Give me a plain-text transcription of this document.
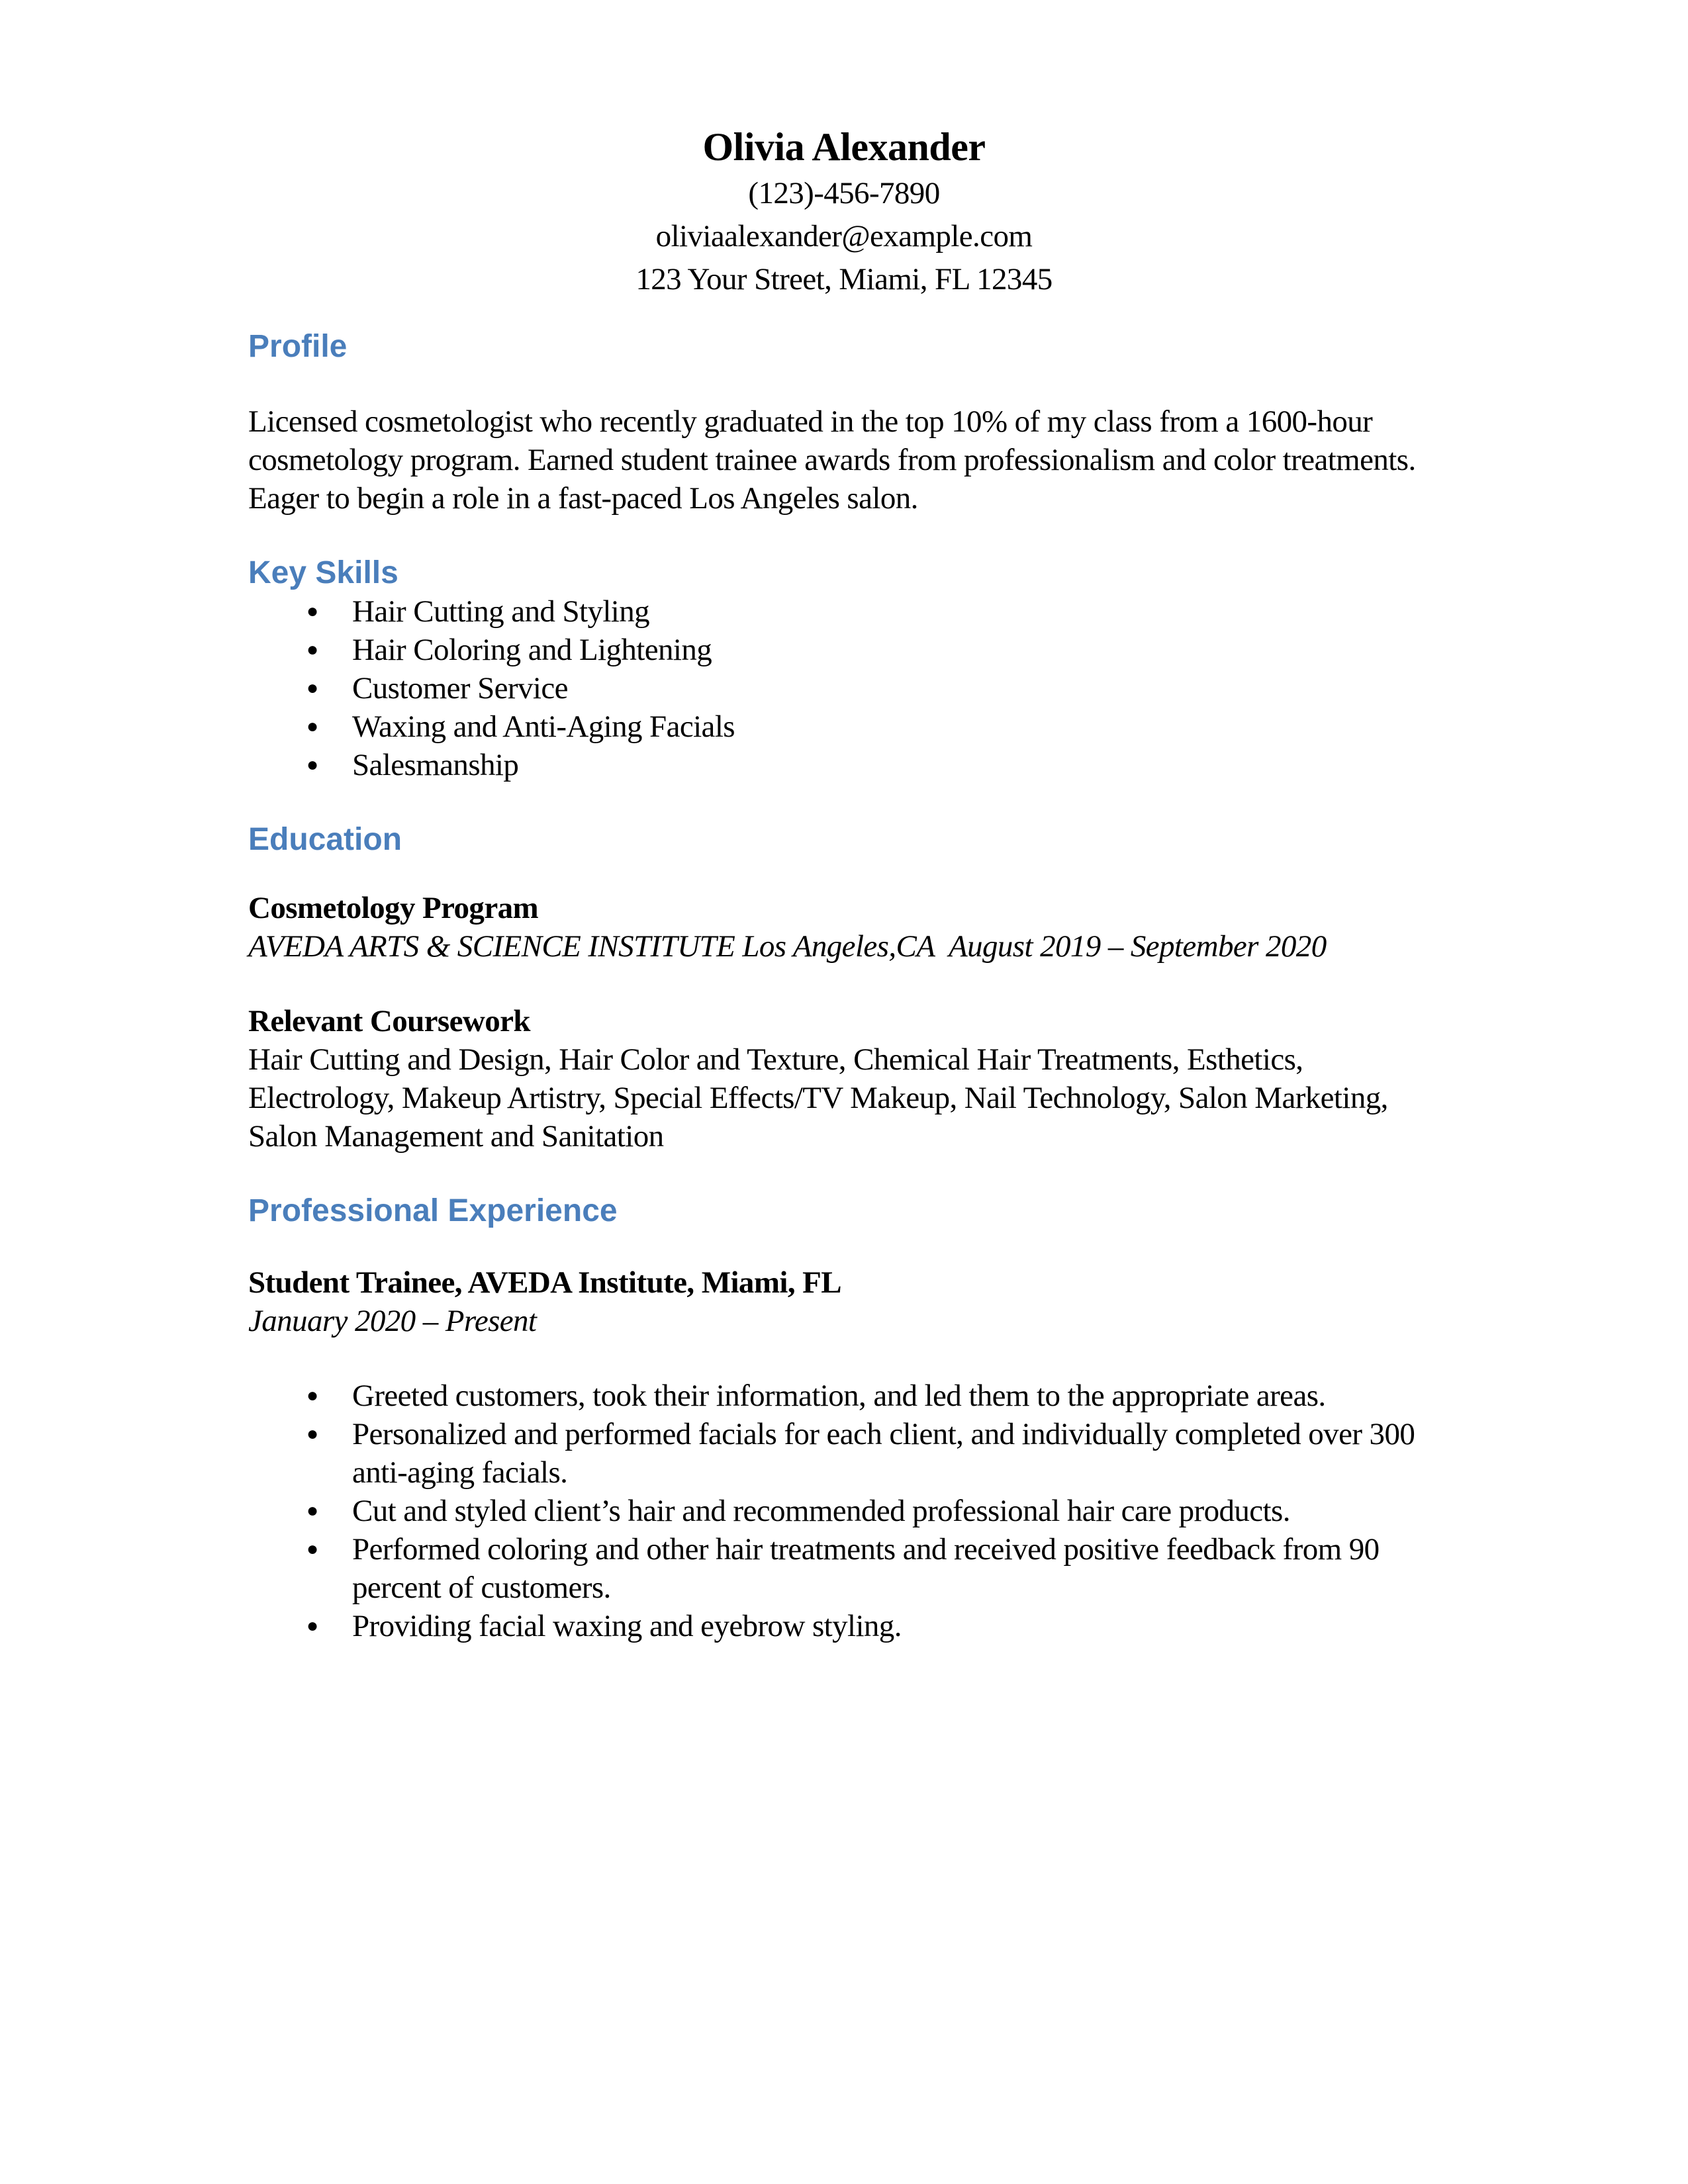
Olivia Alexander
(123)-456-7890
oliviaalexander@example.com
123 Your Street, Miami, FL 12345
Profile

Licensed cosmetologist who recently graduated in the top 10% of my class from a 1600-hour cosmetology program. Earned student trainee awards from professionalism and color treatments. Eager to begin a role in a fast-paced Los Angeles salon.

Key Skills
● Hair Cutting and Styling
● Hair Coloring and Lightening
● Customer Service
● Waxing and Anti-Aging Facials
● Salesmanship
Education

Cosmetology Program

AVEDA ARTS & SCIENCE INSTITUTE Los Angeles,CA  August 2019 – September 2020

Relevant Coursework

Hair Cutting and Design, Hair Color and Texture, Chemical Hair Treatments, Esthetics, Electrology, Makeup Artistry, Special Effects/TV Makeup, Nail Technology, Salon Marketing, Salon Management and Sanitation

Professional Experience

Student Trainee, AVEDA Institute, Miami, FL

January 2020 – Present

● Greeted customers, took their information, and led them to the appropriate areas.
● Personalized and performed facials for each client, and individually completed over 300 anti-aging facials.
● Cut and styled client’s hair and recommended professional hair care products.
● Performed coloring and other hair treatments and received positive feedback from 90 percent of customers.
● Providing facial waxing and eyebrow styling.
